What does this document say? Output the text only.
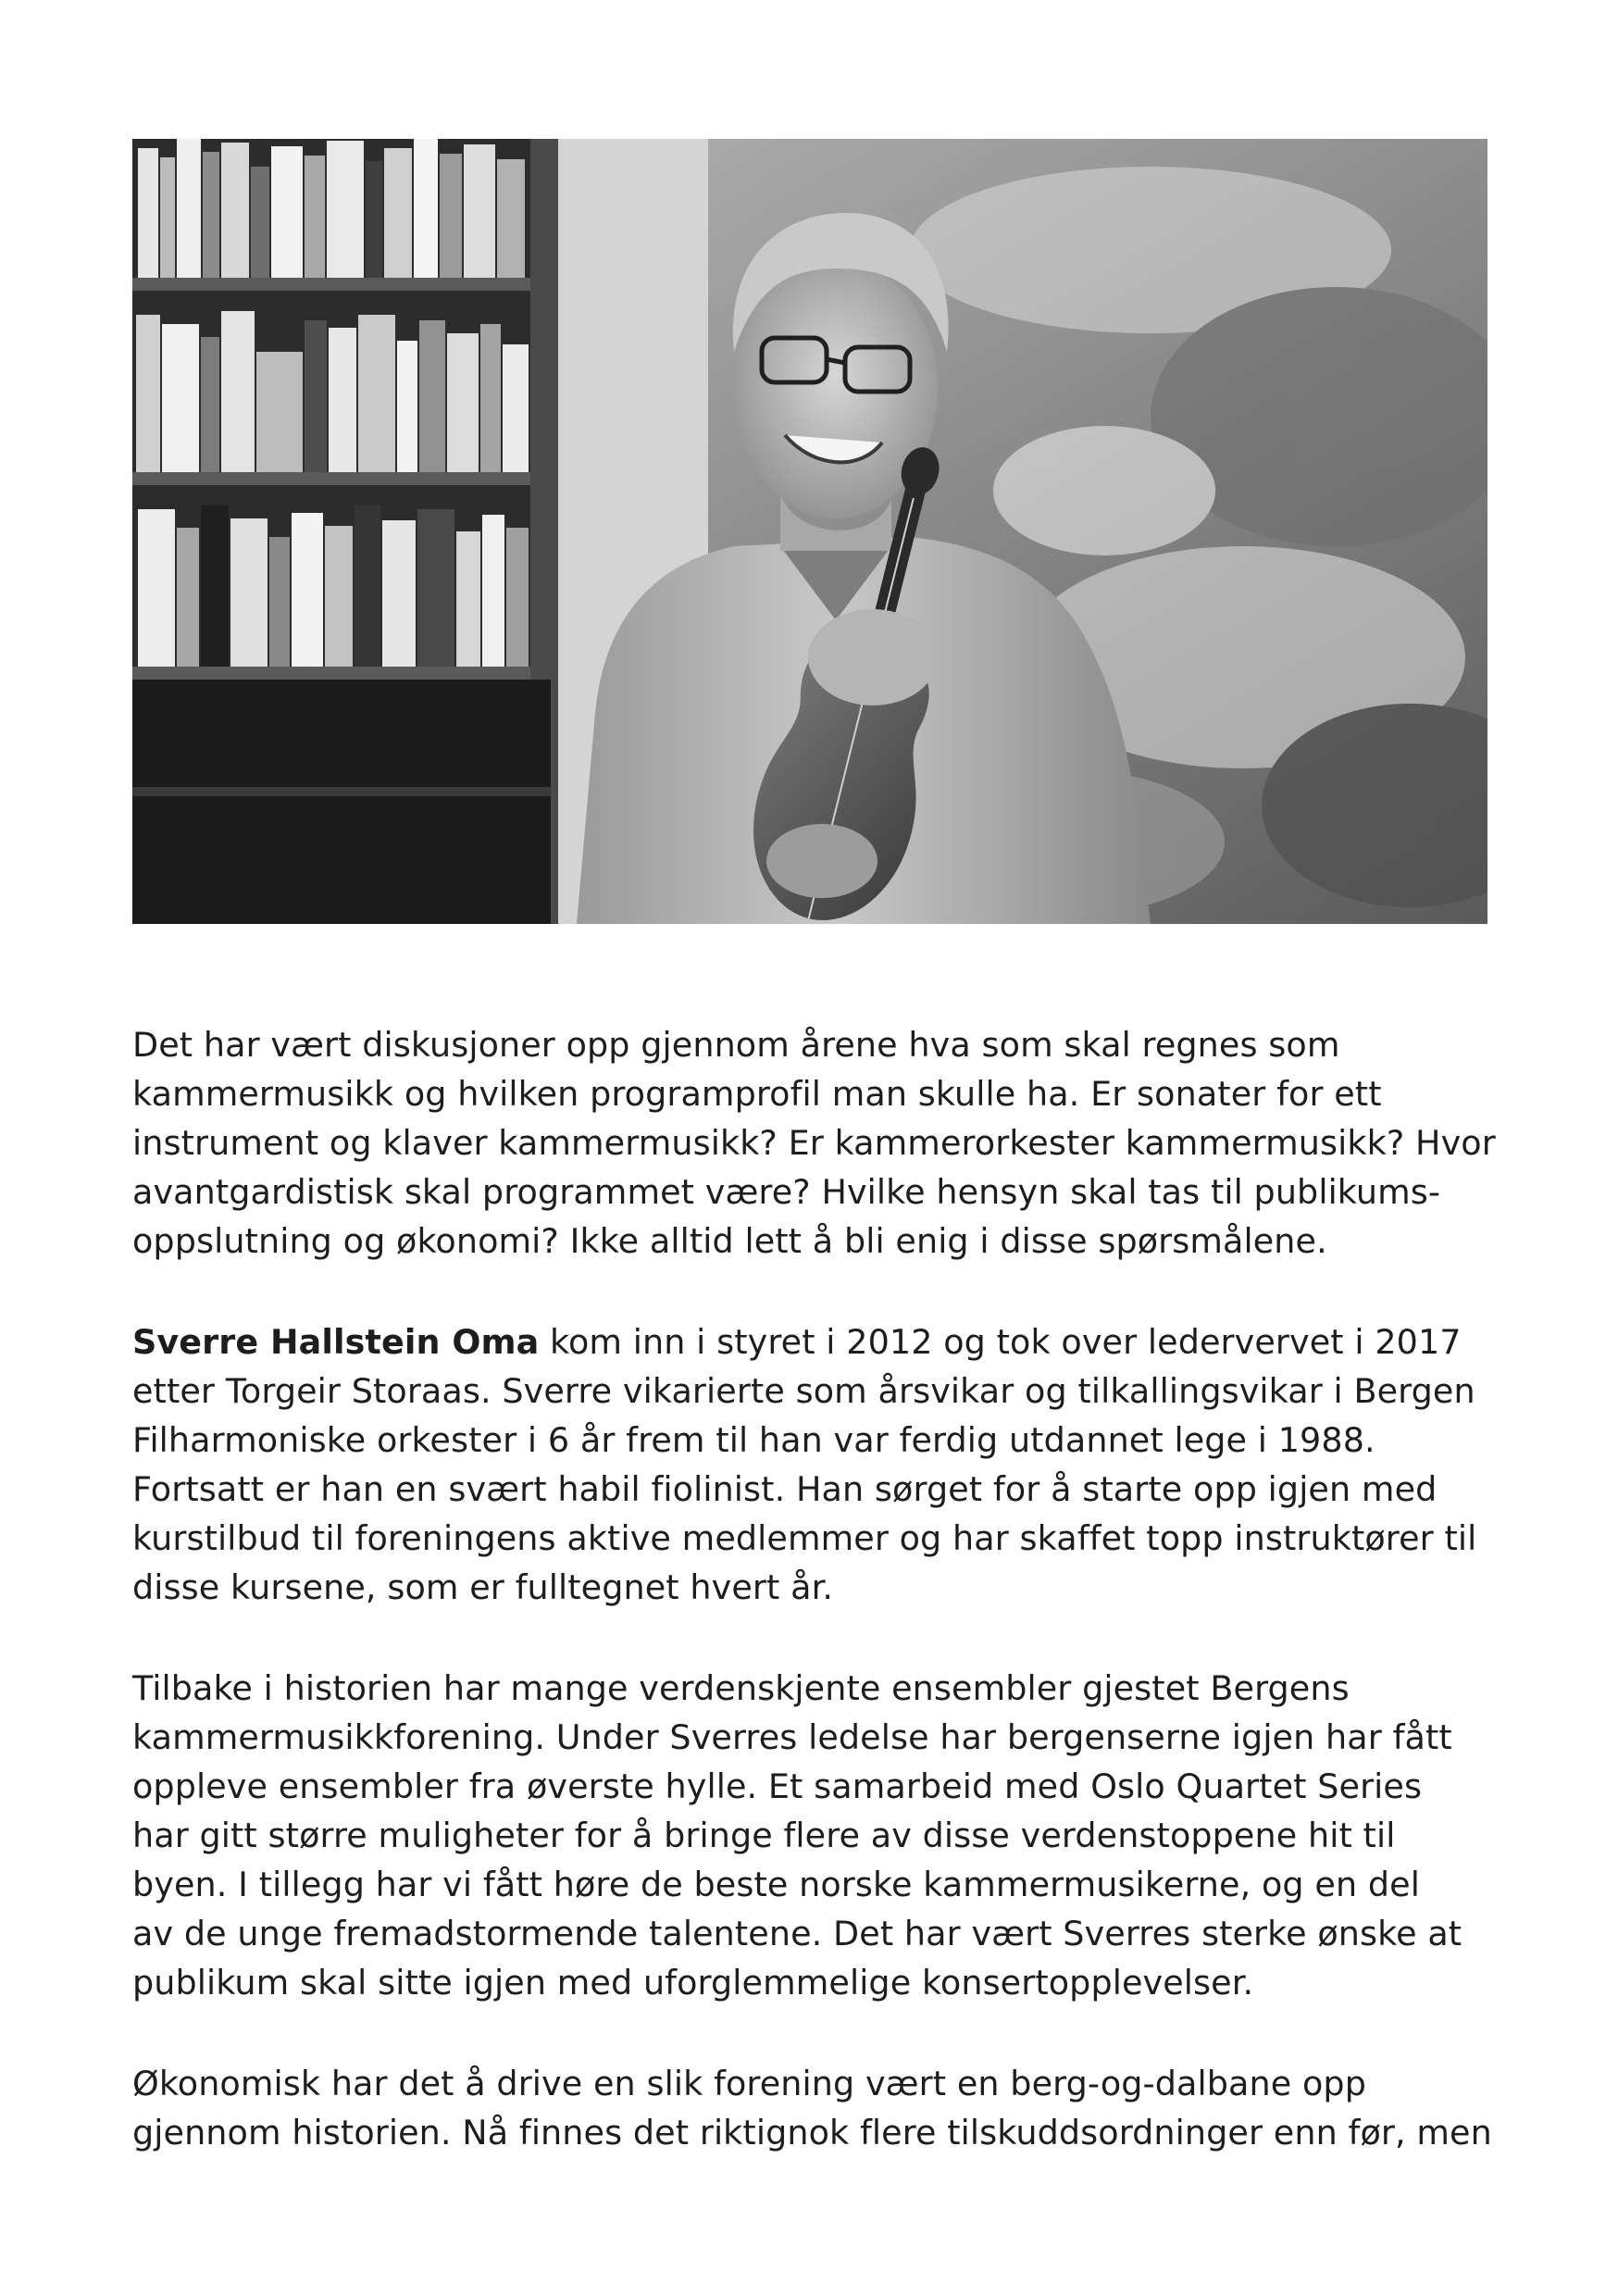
Det har vært diskusjoner opp gjennom årene hva som skal regnes som
kammermusikk og hvilken programprofil man skulle ha. Er sonater for ett
instrument og klaver kammermusikk? Er kammerorkester kammermusikk? Hvor
avantgardistisk skal programmet være? Hvilke hensyn skal tas til publikums-
oppslutning og økonomi? Ikke alltid lett å bli enig i disse spørsmålene.

Sverre Hallstein Oma kom inn i styret i 2012 og tok over ledervervet i 2017
etter Torgeir Storaas. Sverre vikarierte som årsvikar og tilkallingsvikar i Bergen
Filharmoniske orkester i 6 år frem til han var ferdig utdannet lege i 1988.
Fortsatt er han en svært habil fiolinist. Han sørget for å starte opp igjen med
kurstilbud til foreningens aktive medlemmer og har skaffet topp instruktører til
disse kursene, som er fulltegnet hvert år.

Tilbake i historien har mange verdenskjente ensembler gjestet Bergens
kammermusikkforening. Under Sverres ledelse har bergenserne igjen har fått
oppleve ensembler fra øverste hylle. Et samarbeid med Oslo Quartet Series
har gitt større muligheter for å bringe flere av disse verdenstoppene hit til
byen. I tillegg har vi fått høre de beste norske kammermusikerne, og en del
av de unge fremadstormende talentene. Det har vært Sverres sterke ønske at
publikum skal sitte igjen med uforglemmelige konsertopplevelser.

Økonomisk har det å drive en slik forening vært en berg-og-dalbane opp
gjennom historien. Nå finnes det riktignok flere tilskuddsordninger enn før, men
